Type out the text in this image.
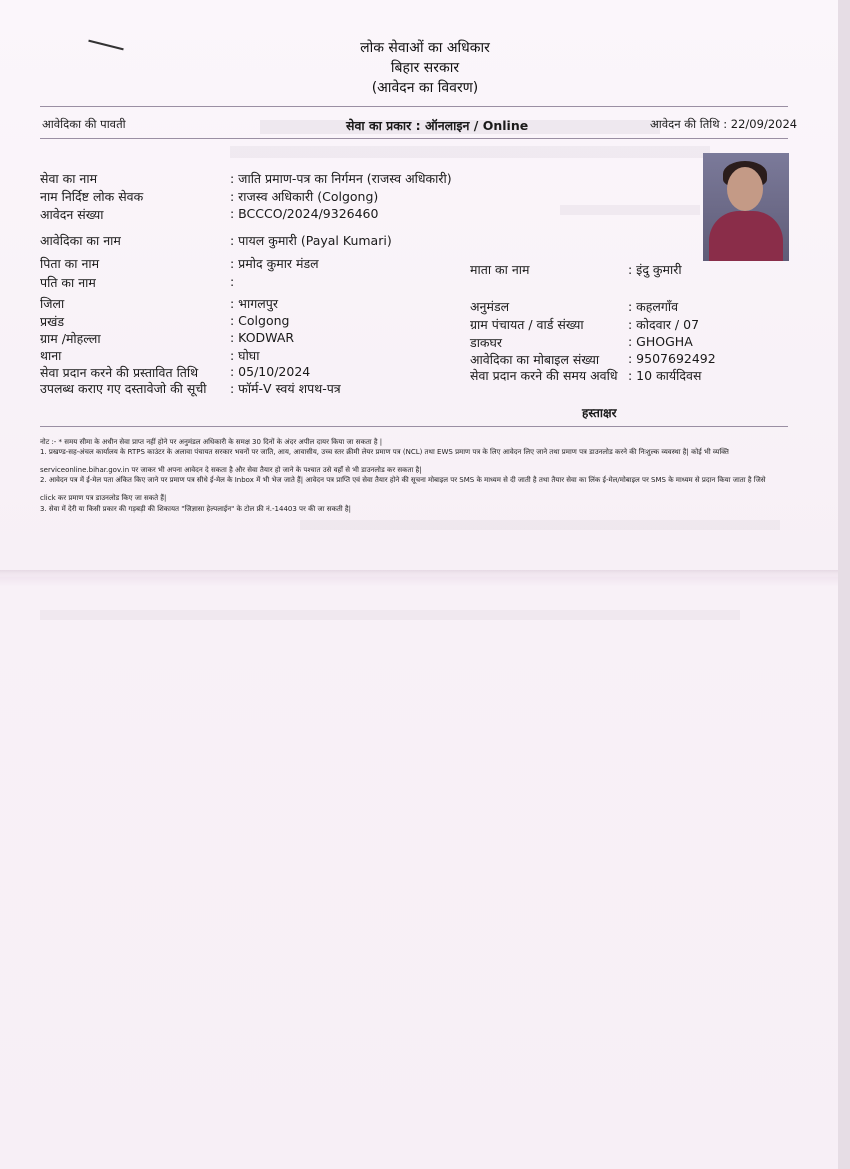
लोक सेवाओं का अधिकार
बिहार सरकार
(आवेदन का विवरण)
आवेदिका की पावती	सेवा का प्रकार : ऑनलाइन / Online	आवेदन की तिथि : 22/09/2024
सेवा का नाम	: जाति प्रमाण-पत्र का निर्गमन (राजस्व अधिकारी)
नाम निर्दिष्ट लोक सेवक	: राजस्व अधिकारी (Colgong)
आवेदन संख्या	: BCCCO/2024/9326460
आवेदिका का नाम	: पायल कुमारी (Payal Kumari)
पिता का नाम	: प्रमोद कुमार मंडल
पति का नाम	:
जिला	: भागलपुर
प्रखंड	: Colgong
ग्राम /मोहल्ला	: KODWAR
थाना	: घोघा
सेवा प्रदान करने की प्रस्तावित तिथि	: 05/10/2024
उपलब्ध कराए गए दस्तावेजो की सूची : फॉर्म-V स्वयं शपथ-पत्र
माता का नाम	: इंदु कुमारी
अनुमंडल	: कहलगाँव
ग्राम पंचायत / वार्ड संख्या	: कोदवार / 07
डाकघर	: GHOGHA
आवेदिका का मोबाइल संख्या : 9507692492
सेवा प्रदान करने की समय अवधि : 10 कार्यदिवस
हस्ताक्षर
नोट :- * समय सीमा के अधीन सेवा प्राप्त नहीं होने पर अनुमंडल अधिकारी के समक्ष 30 दिनों के अंदर अपील दायर किया जा सकता है |
1. प्रखण्ड-सह-अंचल कार्यालय के RTPS काउंटर के अलावा पंचायत सरकार भवनों पर जाति, आय, आवासीय, उच्च स्तर क्रीमी लेयर प्रमाण पत्र (NCL) तथा EWS प्रमाण पत्र के लिए आवेदन लिए जाने तथा प्रमाण पत्र डाउनलोड करने की निःशुल्क व्यवस्था है| कोई भी व्यक्ति
serviceonline.bihar.gov.in पर जाकर भी अपना आवेदन दे सकता है और सेवा तैयार हो जाने के पश्चात उसे वहाँ से भी डाउनलोड कर सकता है|
2. आवेदन पत्र में ई-मेल पता अंकित किए जाने पर प्रमाण पत्र सीधे ई-मेल के Inbox में भी भेज जाते हैं| आवेदन पत्र प्राप्ति एवं सेवा तैयार होने की सूचना मोबाइल पर SMS के माध्यम से दी जाती है तथा तैयार सेवा का लिंक ई-मेल/मोबाइल पर SMS के माध्यम से प्रदान किया जाता है जिसे
click कर प्रमाण पत्र डाउनलोड किए जा सकते हैं|
3. सेवा में देरी या किसी प्रकार की गड़बड़ी की शिकायत "जिज्ञासा हेल्पलाईन" के टोल फ्री नं.-14403 पर की जा सकती है|
